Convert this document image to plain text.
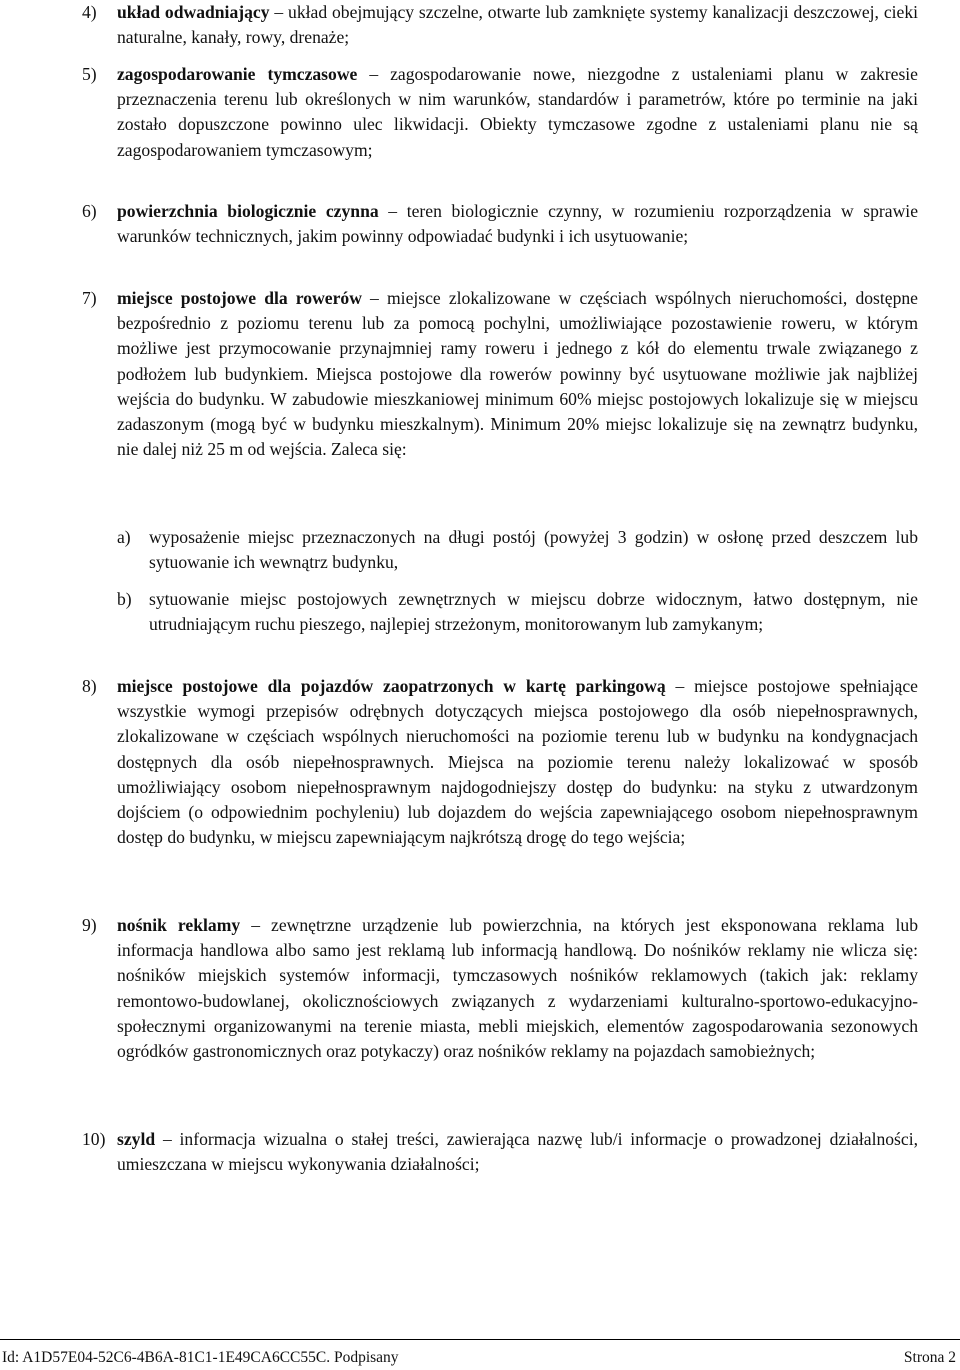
4) układ odwadniający – układ obejmujący szczelne, otwarte lub zamknięte systemy kanalizacji deszczowej, cieki naturalne, kanały, rowy, drenaże;
5) zagospodarowanie tymczasowe – zagospodarowanie nowe, niezgodne z ustaleniami planu w zakresie przeznaczenia terenu lub określonych w nim warunków, standardów i parametrów, które po terminie na jaki zostało dopuszczone powinno ulec likwidacji. Obiekty tymczasowe zgodne z ustaleniami planu nie są zagospodarowaniem tymczasowym;
6) powierzchnia biologicznie czynna – teren biologicznie czynny, w rozumieniu rozporządzenia w sprawie warunków technicznych, jakim powinny odpowiadać budynki i ich usytuowanie;
7) miejsce postojowe dla rowerów – miejsce zlokalizowane w częściach wspólnych nieruchomości, dostępne bezpośrednio z poziomu terenu lub za pomocą pochylni, umożliwiające pozostawienie roweru, w którym możliwe jest przymocowanie przynajmniej ramy roweru i jednego z kół do elementu trwale związanego z podłożem lub budynkiem. Miejsca postojowe dla rowerów powinny być usytuowane możliwie jak najbliżej wejścia do budynku. W zabudowie mieszkaniowej minimum 60% miejsc postojowych lokalizuje się w miejscu zadaszonym (mogą być w budynku mieszkalnym). Minimum 20% miejsc lokalizuje się na zewnątrz budynku, nie dalej niż 25 m od wejścia. Zaleca się:
a) wyposażenie miejsc przeznaczonych na długi postój (powyżej 3 godzin) w osłonę przed deszczem lub sytuowanie ich wewnątrz budynku,
b) sytuowanie miejsc postojowych zewnętrznych w miejscu dobrze widocznym, łatwo dostępnym, nie utrudniającym ruchu pieszego, najlepiej strzeżonym, monitorowanym lub zamykanym;
8) miejsce postojowe dla pojazdów zaopatrzonych w kartę parkingową – miejsce postojowe spełniające wszystkie wymogi przepisów odrębnych dotyczących miejsca postojowego dla osób niepełnosprawnych, zlokalizowane w częściach wspólnych nieruchomości na poziomie terenu lub w budynku na kondygnacjach dostępnych dla osób niepełnosprawnych. Miejsca na poziomie terenu należy lokalizować w sposób umożliwiający osobom niepełnosprawnym najdogodniejszy dostęp do budynku: na styku z utwardzonym dojściem (o odpowiednim pochyleniu) lub dojazdem do wejścia zapewniającego osobom niepełnosprawnym dostęp do budynku, w miejscu zapewniającym najkrótszą drogę do tego wejścia;
9) nośnik reklamy – zewnętrzne urządzenie lub powierzchnia, na których jest eksponowana reklama lub informacja handlowa albo samo jest reklamą lub informacją handlową. Do nośników reklamy nie wlicza się: nośników miejskich systemów informacji, tymczasowych nośników reklamowych (takich jak: reklamy remontowo-budowlanej, okolicznościowych związanych z wydarzeniami kulturalno-sportowo-edukacyjno-społecznymi organizowanymi na terenie miasta, mebli miejskich, elementów zagospodarowania sezonowych ogródków gastronomicznych oraz potykaczy) oraz nośników reklamy na pojazdach samobieżnych;
10) szyld – informacja wizualna o stałej treści, zawierająca nazwę lub/i informacje o prowadzonej działalności, umieszczana w miejscu wykonywania działalności;
Id: A1D57E04-52C6-4B6A-81C1-1E49CA6CC55C. Podpisany	Strona 2
